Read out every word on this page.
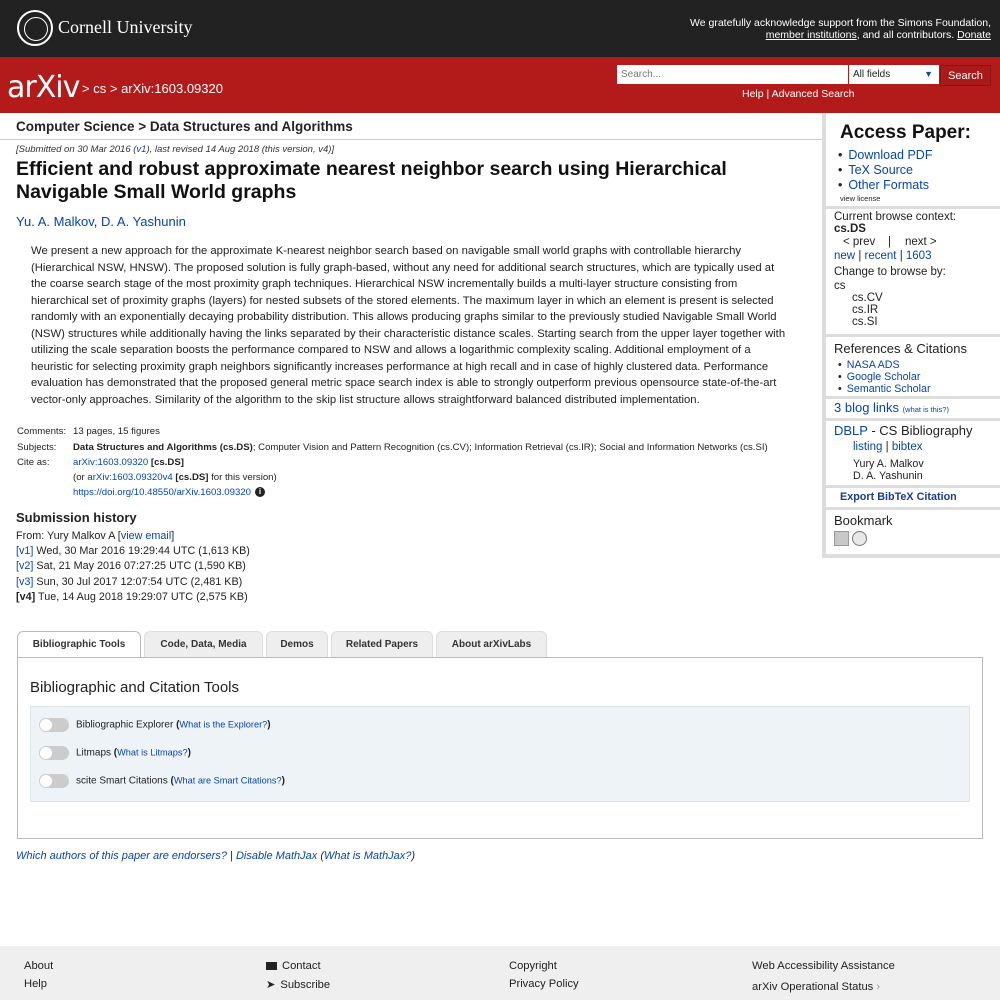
Cornell University	We gratefully acknowledge support from the Simons Foundation,
member institutions, and all contributors. Donate
arXiv > cs > arXiv:1603.09320
Search...	All fields	▼	Search
Help | Advanced Search
Computer Science > Data Structures and Algorithms
[Submitted on 30 Mar 2016 (v1), last revised 14 Aug 2018 (this version, v4)]
Efficient and robust approximate nearest neighbor search using Hierarchical Navigable Small World graphs
Yu. A. Malkov, D. A. Yashunin

We present a new approach for the approximate K-nearest neighbor search based on navigable small world graphs with controllable hierarchy (Hierarchical NSW, HNSW). The proposed solution is fully graph-based, without any need for additional search structures, which are typically used at the coarse search stage of the most proximity graph techniques. Hierarchical NSW incrementally builds a multi-layer structure consisting from hierarchical set of proximity graphs (layers) for nested subsets of the stored elements. The maximum layer in which an element is present is selected randomly with an exponentially decaying probability distribution. This allows producing graphs similar to the previously studied Navigable Small World (NSW) structures while additionally having the links separated by their characteristic distance scales. Starting search from the upper layer together with utilizing the scale separation boosts the performance compared to NSW and allows a logarithmic complexity scaling. Additional employment of a heuristic for selecting proximity graph neighbors significantly increases performance at high recall and in case of highly clustered data. Performance evaluation has demonstrated that the proposed general metric space search index is able to strongly outperform previous opensource state-of-the-art vector-only approaches. Similarity of the algorithm to the skip list structure allows straightforward balanced distributed implementation.

Comments: 13 pages, 15 figures
Subjects: Data Structures and Algorithms (cs.DS); Computer Vision and Pattern Recognition (cs.CV); Information Retrieval (cs.IR); Social and Information Networks (cs.SI)
Cite as: arXiv:1603.09320 [cs.DS]
(or arXiv:1603.09320v4 [cs.DS] for this version)
https://doi.org/10.48550/arXiv.1603.09320 i
Submission history
From: Yury Malkov A [view email]
[v1] Wed, 30 Mar 2016 19:29:44 UTC (1,613 KB)
[v2] Sat, 21 May 2016 07:27:25 UTC (1,590 KB)
[v3] Sun, 30 Jul 2017 12:07:54 UTC (2,481 KB)
[v4] Tue, 14 Aug 2018 19:29:07 UTC (2,575 KB)
Access Paper:
• Download PDF
• TeX Source
• Other Formats
view license
Current browse context:
cs.DS
< prev | next >
new | recent | 1603
Change to browse by:
cs
cs.CV
cs.IR
cs.SI
References & Citations
• NASA ADS
• Google Scholar
• Semantic Scholar
3 blog links (what is this?)
DBLP - CS Bibliography
listing | bibtex
Yury A. Malkov
D. A. Yashunin
Export BibTeX Citation
Bookmark
Bibliographic Tools	Code, Data, Media	Demos	Related Papers	About arXivLabs
Bibliographic and Citation Tools
Bibliographic Explorer (What is the Explorer?)
Litmaps (What is Litmaps?)
scite Smart Citations (What are Smart Citations?)
Which authors of this paper are endorsers? | Disable MathJax (What is MathJax?)
About
Help
Contact
➤ Subscribe
Copyright
Privacy Policy
Web Accessibility Assistance
arXiv Operational Status ›
